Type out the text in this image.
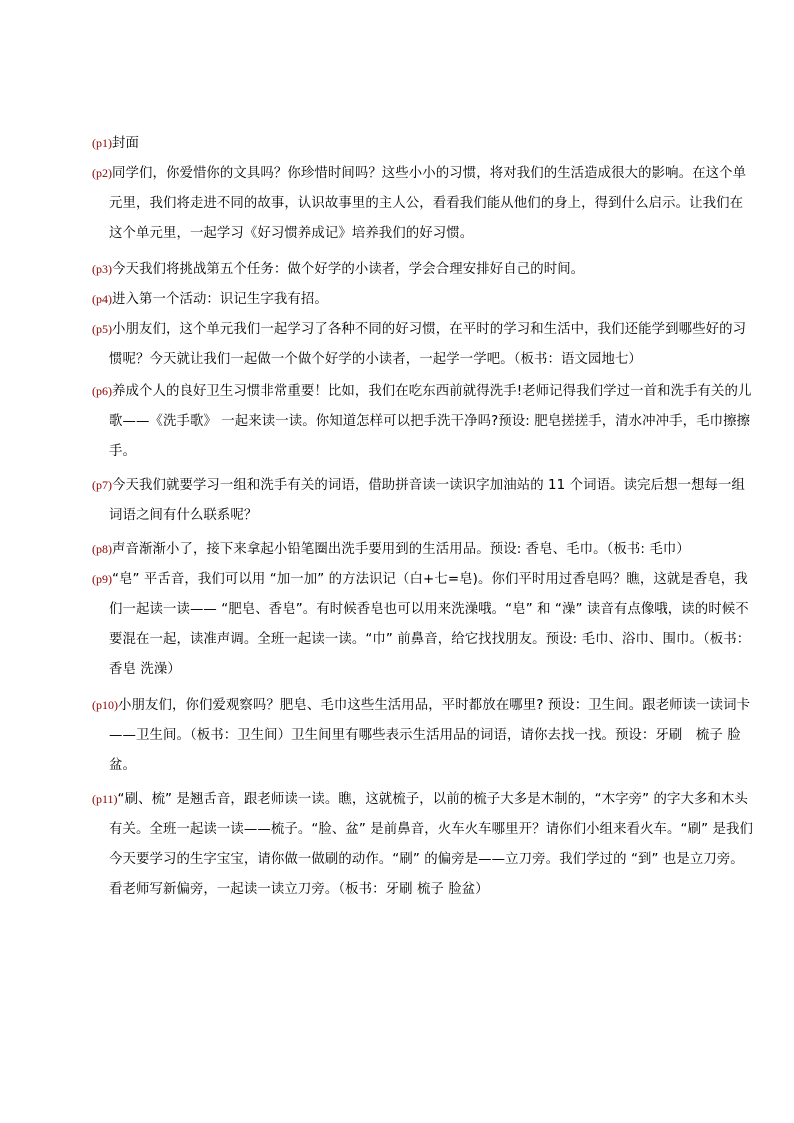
(p1)封面
(p2)同学们，你爱惜你的文具吗？你珍惜时间吗？这些小小的习惯，将对我们的生活造成很大的影响。在这个单元里，我们将走进不同的故事，认识故事里的主人公，看看我们能从他们的身上，得到什么启示。让我们在这个单元里，一起学习《好习惯养成记》培养我们的好习惯。
(p3)今天我们将挑战第五个任务：做个好学的小读者，学会合理安排好自己的时间。
(p4)进入第一个活动：识记生字我有招。
(p5)小朋友们，这个单元我们一起学习了各种不同的好习惯，在平时的学习和生活中，我们还能学到哪些好的习惯呢？今天就让我们一起做一个做个好学的小读者，一起学一学吧。（板书：语文园地七）
(p6)养成个人的良好卫生习惯非常重要！比如，我们在吃东西前就得洗手!老师记得我们学过一首和洗手有关的儿歌——《洗手歌》 一起来读一读。你知道怎样可以把手洗干净吗?预设: 肥皂搓搓手，清水冲冲手，毛巾擦擦手。
(p7)今天我们就要学习一组和洗手有关的词语，借助拼音读一读识字加油站的 11 个词语。读完后想一想每一组词语之间有什么联系呢？
(p8)声音渐渐小了，接下来拿起小铅笔圈出洗手要用到的生活用品。预设: 香皂、毛巾。（板书: 毛巾）
(p9)“皂” 平舌音，我们可以用 “加一加” 的方法识记（白+七=皂)。你们平时用过香皂吗？瞧，这就是香皂，我们一起读一读—— “肥皂、香皂”。有时候香皂也可以用来洗澡哦。“皂” 和 “澡” 读音有点像哦，读的时候不要混在一起，读准声调。全班一起读一读。“巾” 前鼻音，给它找找朋友。预设: 毛巾、浴巾、围巾。（板书：香皂 洗澡）
(p10)小朋友们，你们爱观察吗？肥皂、毛巾这些生活用品，平时都放在哪里? 预设：卫生间。跟老师读一读词卡——卫生间。（板书：卫生间）卫生间里有哪些表示生活用品的词语，请你去找一找。预设：牙刷　梳子 脸盆。
(p11)“刷、梳” 是翘舌音，跟老师读一读。瞧，这就梳子，以前的梳子大多是木制的，“木字旁” 的字大多和木头有关。全班一起读一读——梳子。“脸、盆” 是前鼻音，火车火车哪里开？请你们小组来看火车。“刷” 是我们今天要学习的生字宝宝，请你做一做刷的动作。“刷” 的偏旁是——立刀旁。我们学过的 “到” 也是立刀旁。看老师写新偏旁，一起读一读立刀旁。（板书：牙刷 梳子 脸盆）
